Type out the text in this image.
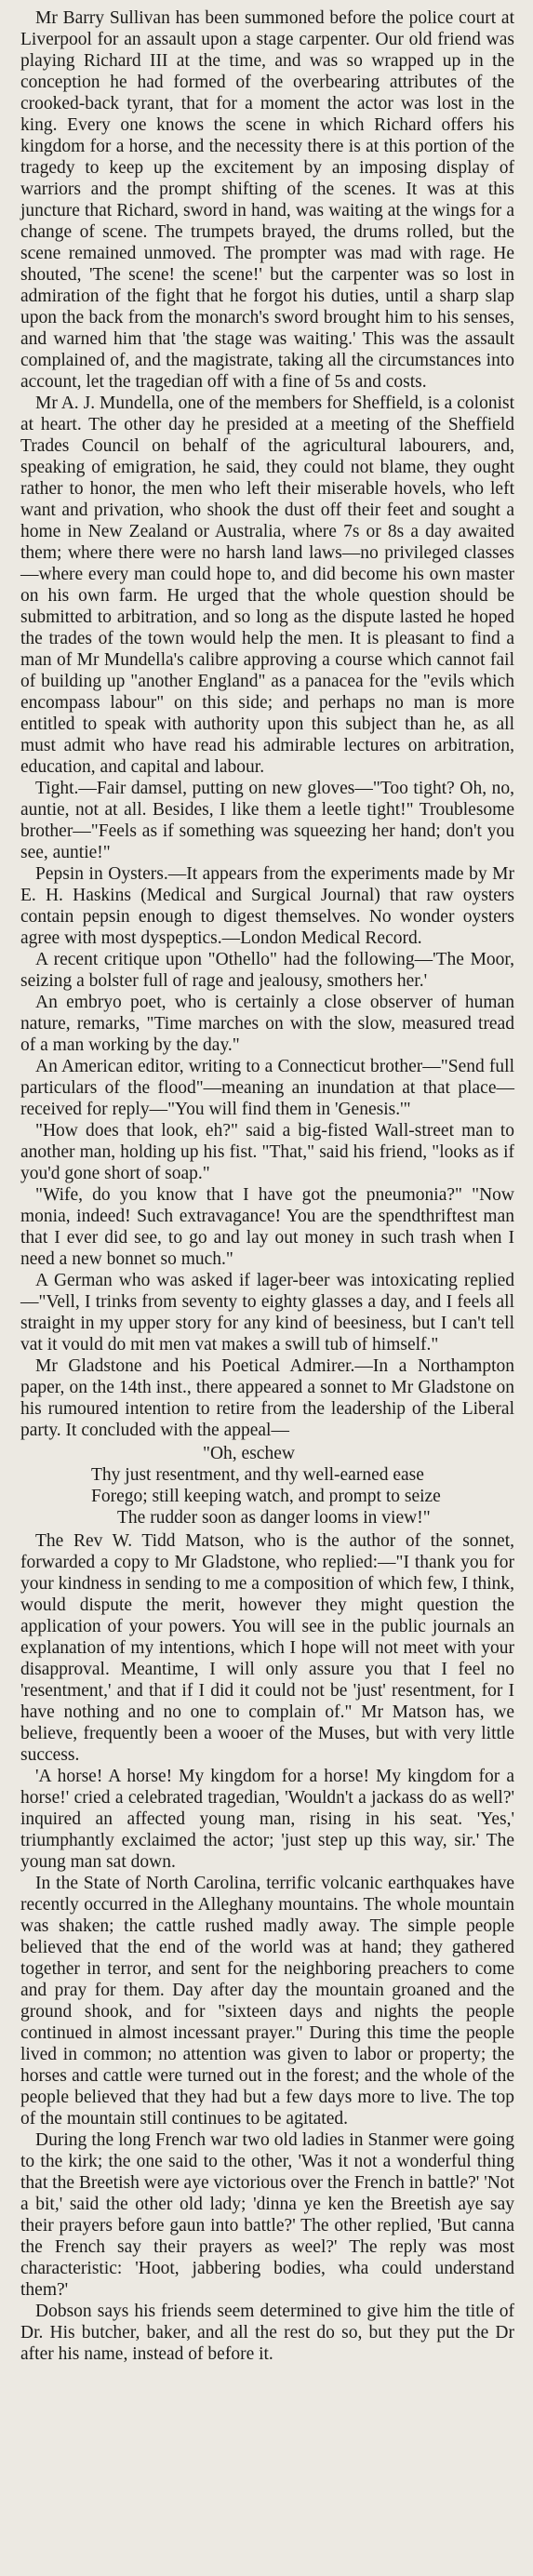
Mr Barry Sullivan has been summoned before the police court at Liverpool for an assault upon a stage carpenter. Our old friend was playing Richard III at the time, and was so wrapped up in the conception he had formed of the overbearing attributes of the crooked-back tyrant, that for a moment the actor was lost in the king. Every one knows the scene in which Richard offers his kingdom for a horse, and the necessity there is at this portion of the tragedy to keep up the excitement by an imposing display of warriors and the prompt shifting of the scenes. It was at this juncture that Richard, sword in hand, was waiting at the wings for a change of scene. The trumpets brayed, the drums rolled, but the scene remained unmoved. The prompter was mad with rage. He shouted, 'The scene! the scene!' but the carpenter was so lost in admiration of the fight that he forgot his duties, until a sharp slap upon the back from the monarch's sword brought him to his senses, and warned him that 'the stage was waiting.' This was the assault complained of, and the magistrate, taking all the circumstances into account, let the tragedian off with a fine of 5s and costs.

Mr A. J. Mundella, one of the members for Sheffield, is a colonist at heart. The other day he presided at a meeting of the Sheffield Trades Council on behalf of the agricultural labourers, and, speaking of emigration, he said, they could not blame, they ought rather to honor, the men who left their miserable hovels, who left want and privation, who shook the dust off their feet and sought a home in New Zealand or Australia, where 7s or 8s a day awaited them; where there were no harsh land laws—no privileged classes—where every man could hope to, and did become his own master on his own farm. He urged that the whole question should be submitted to arbitration, and so long as the dispute lasted he hoped the trades of the town would help the men. It is pleasant to find a man of Mr Mundella's calibre approving a course which cannot fail of building up "another England" as a panacea for the "evils which encompass labour" on this side; and perhaps no man is more entitled to speak with authority upon this subject than he, as all must admit who have read his admirable lectures on arbitration, education, and capital and labour.

Tight.—Fair damsel, putting on new gloves—"Too tight? Oh, no, auntie, not at all. Besides, I like them a leetle tight!" Troublesome brother—"Feels as if something was squeezing her hand; don't you see, auntie!"

Pepsin in Oysters.—It appears from the experiments made by Mr E. H. Haskins (Medical and Surgical Journal) that raw oysters contain pepsin enough to digest themselves. No wonder oysters agree with most dyspeptics.—London Medical Record.

A recent critique upon "Othello" had the following—'The Moor, seizing a bolster full of rage and jealousy, smothers her.'

An embryo poet, who is certainly a close observer of human nature, remarks, "Time marches on with the slow, measured tread of a man working by the day."

An American editor, writing to a Connecticut brother—"Send full particulars of the flood"—meaning an inundation at that place—received for reply—"You will find them in 'Genesis.'"

"How does that look, eh?" said a big-fisted Wall-street man to another man, holding up his fist. "That," said his friend, "looks as if you'd gone short of soap."

"Wife, do you know that I have got the pneumonia?" "Now monia, indeed! Such extravagance! You are the spendthriftest man that I ever did see, to go and lay out money in such trash when I need a new bonnet so much."

A German who was asked if lager-beer was intoxicating replied—"Vell, I trinks from seventy to eighty glasses a day, and I feels all straight in my upper story for any kind of beesiness, but I can't tell vat it vould do mit men vat makes a swill tub of himself."

Mr Gladstone and his Poetical Admirer.—In a Northampton paper, on the 14th inst., there appeared a sonnet to Mr Gladstone on his rumoured intention to retire from the leadership of the Liberal party. It concluded with the appeal—

"Oh, eschew
Thy just resentment, and thy well-earned ease
Forego; still keeping watch, and prompt to seize
The rudder soon as danger looms in view!"

The Rev W. Tidd Matson, who is the author of the sonnet, forwarded a copy to Mr Gladstone, who replied:—"I thank you for your kindness in sending to me a composition of which few, I think, would dispute the merit, however they might question the application of your powers. You will see in the public journals an explanation of my intentions, which I hope will not meet with your disapproval. Meantime, I will only assure you that I feel no 'resentment,' and that if I did it could not be 'just' resentment, for I have nothing and no one to complain of." Mr Matson has, we believe, frequently been a wooer of the Muses, but with very little success.

'A horse! A horse! My kingdom for a horse! My kingdom for a horse!' cried a celebrated tragedian, 'Wouldn't a jackass do as well?' inquired an affected young man, rising in his seat. 'Yes,' triumphantly exclaimed the actor; 'just step up this way, sir.' The young man sat down.

In the State of North Carolina, terrific volcanic earthquakes have recently occurred in the Alleghany mountains. The whole mountain was shaken; the cattle rushed madly away. The simple people believed that the end of the world was at hand; they gathered together in terror, and sent for the neighboring preachers to come and pray for them. Day after day the mountain groaned and the ground shook, and for "sixteen days and nights the people continued in almost incessant prayer." During this time the people lived in common; no attention was given to labor or property; the horses and cattle were turned out in the forest; and the whole of the people believed that they had but a few days more to live. The top of the mountain still continues to be agitated.

During the long French war two old ladies in Stanmer were going to the kirk; the one said to the other, 'Was it not a wonderful thing that the Breetish were aye victorious over the French in battle?' 'Not a bit,' said the other old lady; 'dinna ye ken the Breetish aye say their prayers before gaun into battle?' The other replied, 'But canna the French say their prayers as weel?' The reply was most characteristic: 'Hoot, jabbering bodies, wha could understand them?'

Dobson says his friends seem determined to give him the title of Dr. His butcher, baker, and all the rest do so, but they put the Dr after his name, instead of before it.
